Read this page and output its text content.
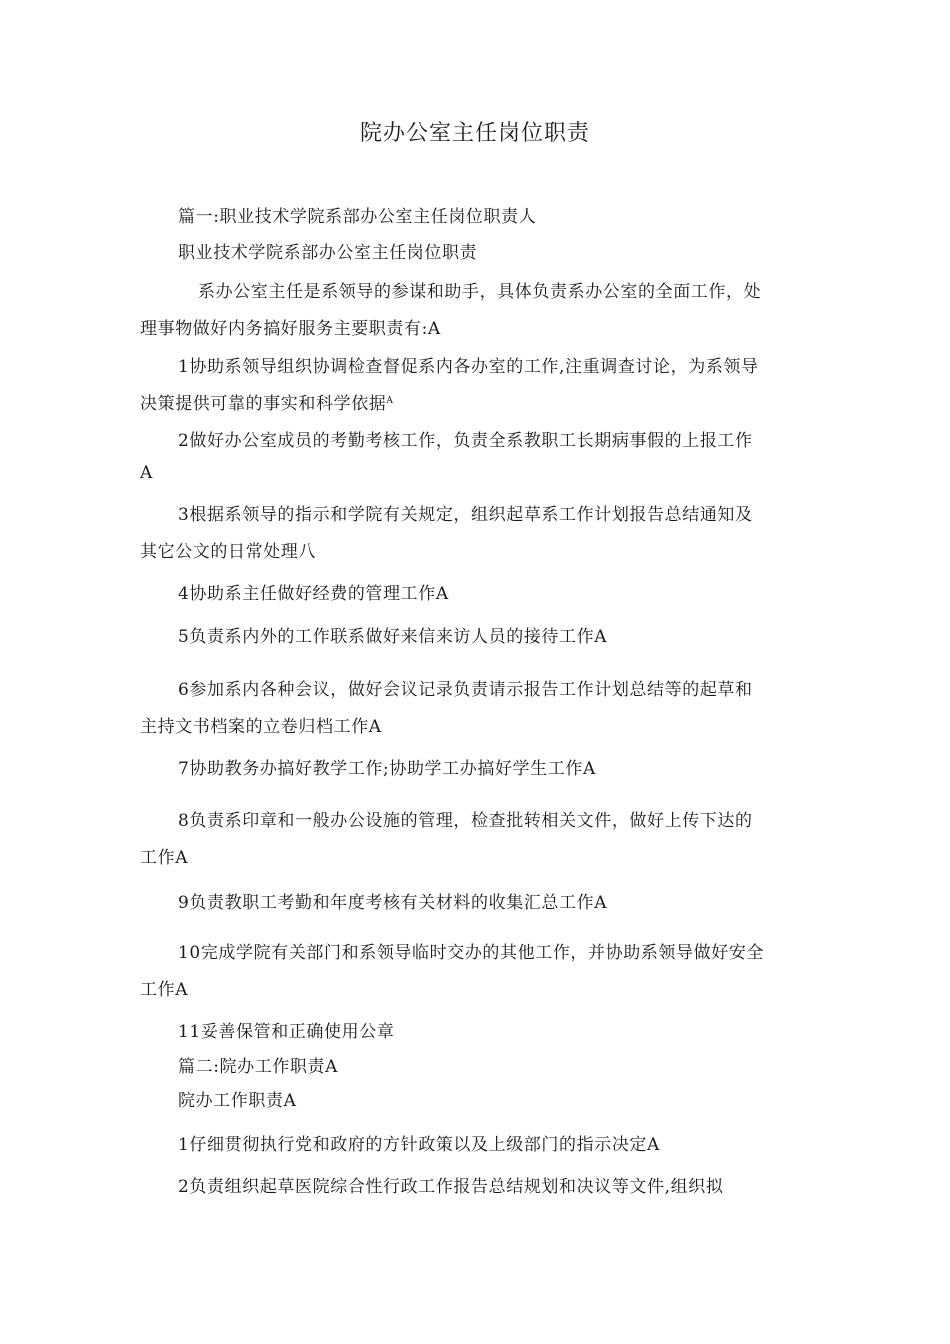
院办公室主任岗位职责
篇一:职业技术学院系部办公室主任岗位职责人
职业技术学院系部办公室主任岗位职责
系办公室主任是系领导的参谋和助手，具体负责系办公室的全面工作，处
理事物做好内务搞好服务主要职责有:A
1协助系领导组织协调检查督促系内各办室的工作,注重调查讨论，为系领导
决策提供可靠的事实和科学依据$^A$
2做好办公室成员的考勤考核工作，负责全系教职工长期病事假的上报工作
A
3根据系领导的指示和学院有关规定，组织起草系工作计划报告总结通知及
其它公文的日常处理八
4协助系主任做好经费的管理工作A
5负责系内外的工作联系做好来信来访人员的接待工作A
6参加系内各种会议，做好会议记录负责请示报告工作计划总结等的起草和
主持文书档案的立卷归档工作A
7协助教务办搞好教学工作;协助学工办搞好学生工作A
8负责系印章和一般办公设施的管理，检查批转相关文件，做好上传下达的
工作A
9负责教职工考勤和年度考核有关材料的收集汇总工作A
10完成学院有关部门和系领导临时交办的其他工作，并协助系领导做好安全
工作A
11妥善保管和正确使用公章
篇二:院办工作职责A
院办工作职责A
1仔细贯彻执行党和政府的方针政策以及上级部门的指示决定A
2负责组织起草医院综合性行政工作报告总结规划和决议等文件,组织拟
